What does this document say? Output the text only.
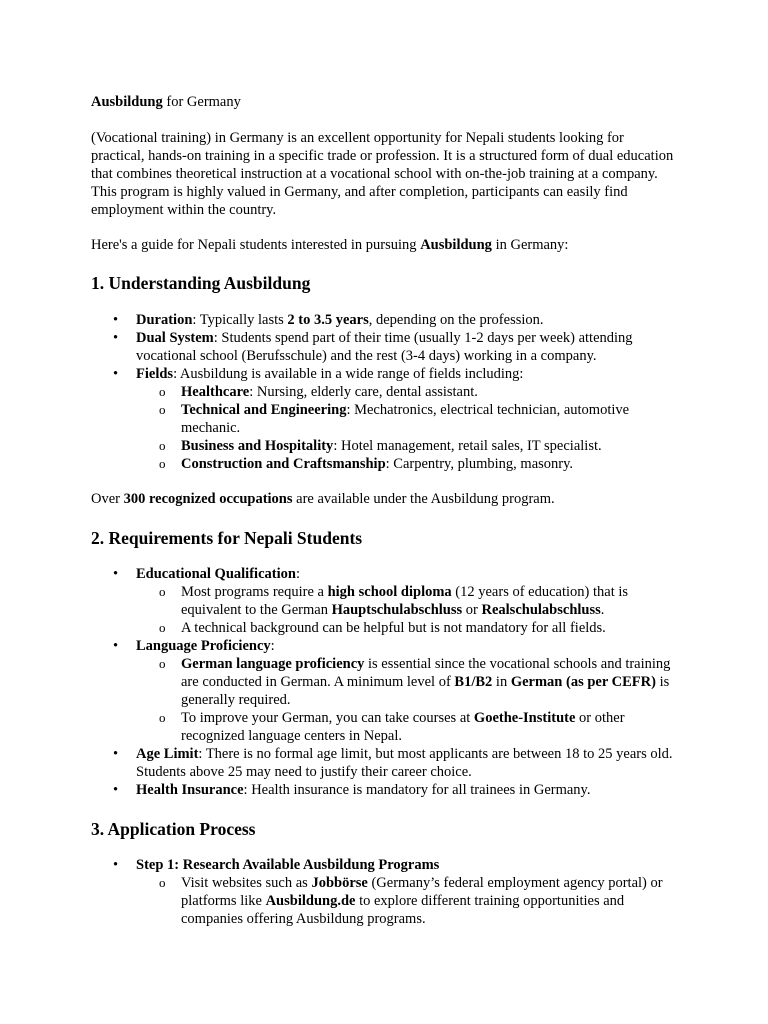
Ausbildung for Germany

(Vocational training) in Germany is an excellent opportunity for Nepali students looking for practical, hands-on training in a specific trade or profession. It is a structured form of dual education that combines theoretical instruction at a vocational school with on-the-job training at a company. This program is highly valued in Germany, and after completion, participants can easily find employment within the country.

Here's a guide for Nepali students interested in pursuing Ausbildung in Germany:

1. Understanding Ausbildung
• Duration: Typically lasts 2 to 3.5 years, depending on the profession.
• Dual System: Students spend part of their time (usually 1-2 days per week) attending vocational school (Berufsschule) and the rest (3-4 days) working in a company.
• Fields: Ausbildung is available in a wide range of fields including:
o Healthcare: Nursing, elderly care, dental assistant.
o Technical and Engineering: Mechatronics, electrical technician, automotive mechanic.
o Business and Hospitality: Hotel management, retail sales, IT specialist.
o Construction and Craftsmanship: Carpentry, plumbing, masonry.

Over 300 recognized occupations are available under the Ausbildung program.

2. Requirements for Nepali Students
• Educational Qualification:
o Most programs require a high school diploma (12 years of education) that is equivalent to the German Hauptschulabschluss or Realschulabschluss.
o A technical background can be helpful but is not mandatory for all fields.
• Language Proficiency:
o German language proficiency is essential since the vocational schools and training are conducted in German. A minimum level of B1/B2 in German (as per CEFR) is generally required.
o To improve your German, you can take courses at Goethe-Institute or other recognized language centers in Nepal.
• Age Limit: There is no formal age limit, but most applicants are between 18 to 25 years old. Students above 25 may need to justify their career choice.
• Health Insurance: Health insurance is mandatory for all trainees in Germany.
3. Application Process
• Step 1: Research Available Ausbildung Programs
o Visit websites such as Jobbörse (Germany’s federal employment agency portal) or platforms like Ausbildung.de to explore different training opportunities and companies offering Ausbildung programs.
